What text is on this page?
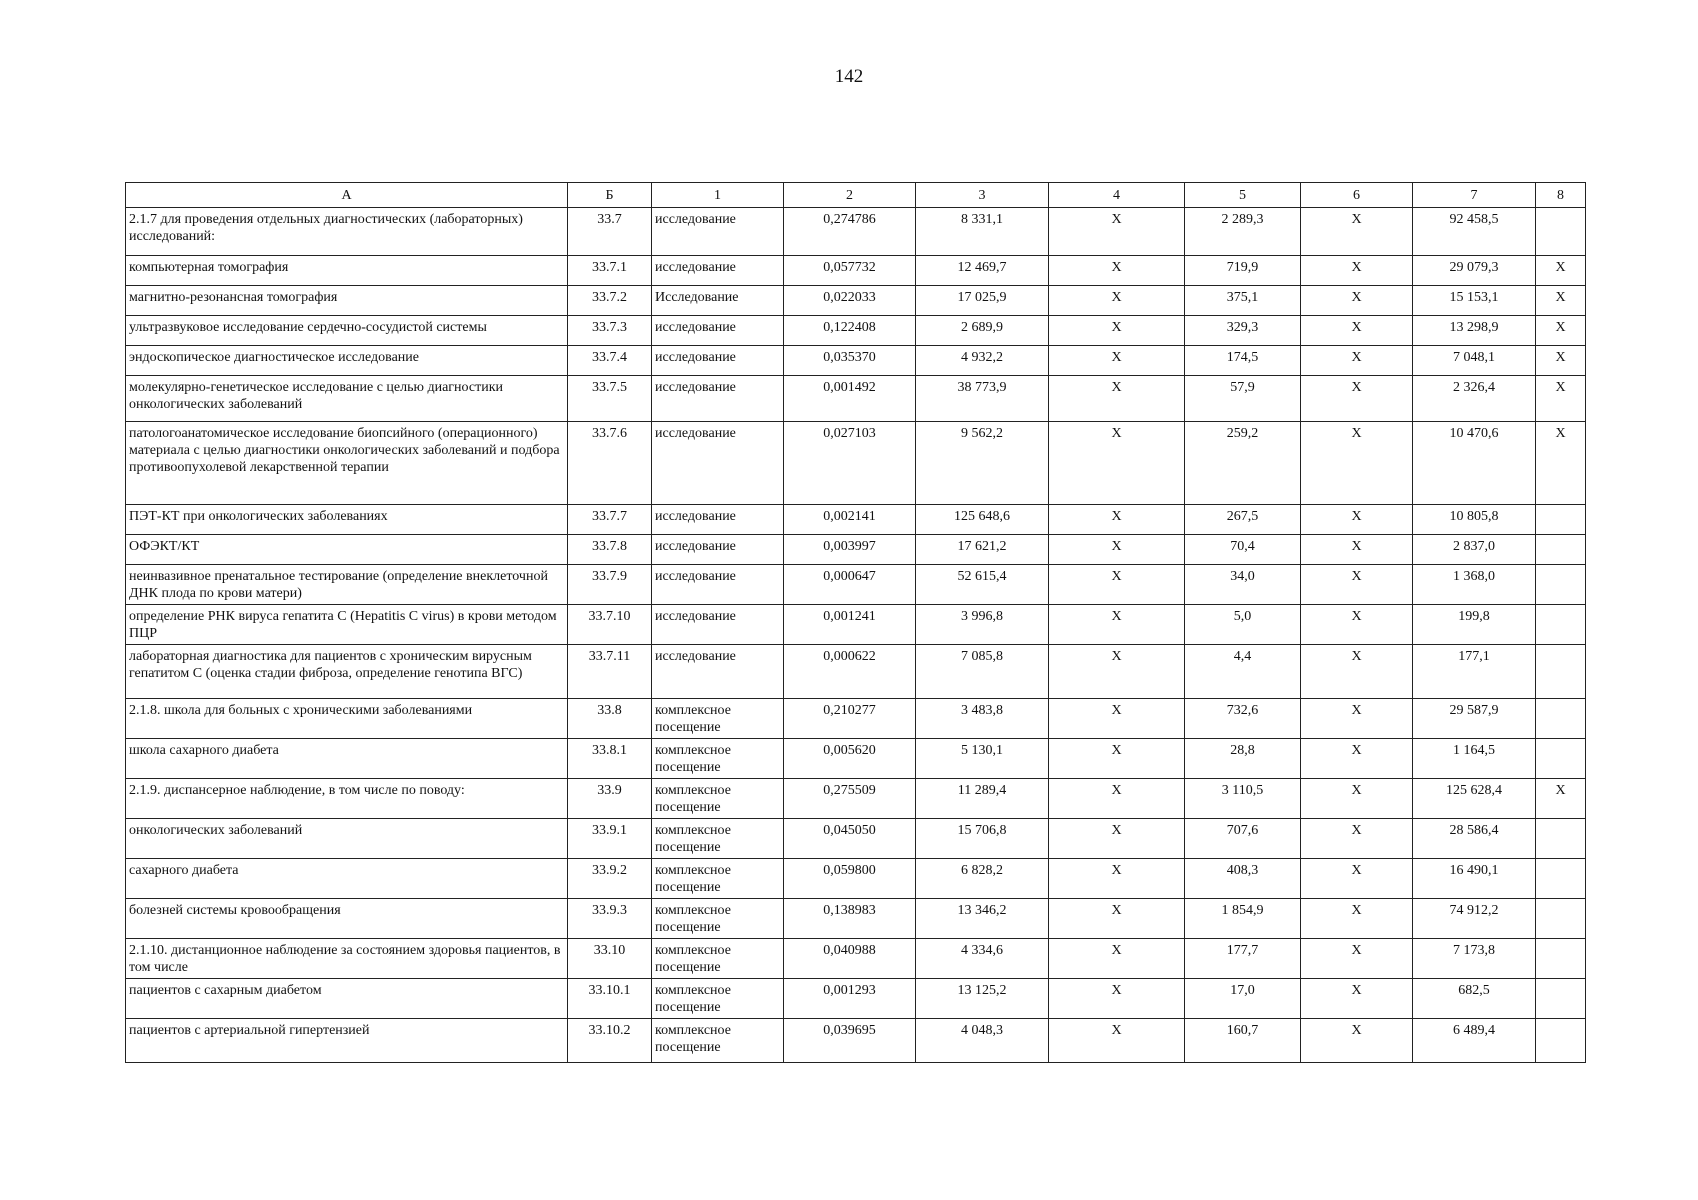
142
А	Б	1	2	3	4	5	6	7	8
2.1.7 для проведения отдельных диагностических (лабораторных) исследований:	33.7	исследование	0,274786	8 331,1	Х	2 289,3	Х	92 458,5	
компьютерная томография	33.7.1	исследование	0,057732	12 469,7	Х	719,9	Х	29 079,3	Х
магнитно-резонансная томография	33.7.2	Исследование	0,022033	17 025,9	Х	375,1	Х	15 153,1	Х
ультразвуковое исследование сердечно-сосудистой системы	33.7.3	исследование	0,122408	2 689,9	Х	329,3	Х	13 298,9	Х
эндоскопическое диагностическое исследование	33.7.4	исследование	0,035370	4 932,2	Х	174,5	Х	7 048,1	Х
молекулярно-генетическое исследование с целью диагностики онкологических заболеваний	33.7.5	исследование	0,001492	38 773,9	Х	57,9	Х	2 326,4	Х
патологоанатомическое исследование биопсийного (операционного) материала с целью диагностики онкологических заболеваний и подбора противоопухолевой лекарственной терапии	33.7.6	исследование	0,027103	9 562,2	Х	259,2	Х	10 470,6	Х
ПЭТ-КТ при онкологических заболеваниях	33.7.7	исследование	0,002141	125 648,6	Х	267,5	Х	10 805,8	
ОФЭКТ/КТ	33.7.8	исследование	0,003997	17 621,2	Х	70,4	Х	2 837,0	
неинвазивное пренатальное тестирование (определение внеклеточной ДНК плода по крови матери)	33.7.9	исследование	0,000647	52 615,4	Х	34,0	Х	1 368,0	
определение РНК вируса гепатита С (Hepatitis C virus) в крови методом ПЦР	33.7.10	исследование	0,001241	3 996,8	Х	5,0	Х	199,8	
лабораторная диагностика для пациентов с хроническим вирусным гепатитом С (оценка стадии фиброза, определение генотипа ВГС)	33.7.11	исследование	0,000622	7 085,8	Х	4,4	Х	177,1	
2.1.8. школа для больных с хроническими заболеваниями	33.8	комплексное посещение	0,210277	3 483,8	Х	732,6	Х	29 587,9	
школа сахарного диабета	33.8.1	комплексное посещение	0,005620	5 130,1	Х	28,8	Х	1 164,5	
2.1.9. диспансерное наблюдение, в том числе по поводу:	33.9	комплексное посещение	0,275509	11 289,4	Х	3 110,5	Х	125 628,4	Х
онкологических заболеваний	33.9.1	комплексное посещение	0,045050	15 706,8	Х	707,6	Х	28 586,4	
сахарного диабета	33.9.2	комплексное посещение	0,059800	6 828,2	Х	408,3	Х	16 490,1	
болезней системы кровообращения	33.9.3	комплексное посещение	0,138983	13 346,2	Х	1 854,9	Х	74 912,2	
2.1.10. дистанционное наблюдение за состоянием здоровья пациентов, в том числе	33.10	комплексное посещение	0,040988	4 334,6	Х	177,7	Х	7 173,8	
пациентов с сахарным диабетом	33.10.1	комплексное посещение	0,001293	13 125,2	Х	17,0	Х	682,5	
пациентов с артериальной гипертензией	33.10.2	комплексное посещение	0,039695	4 048,3	Х	160,7	Х	6 489,4	
